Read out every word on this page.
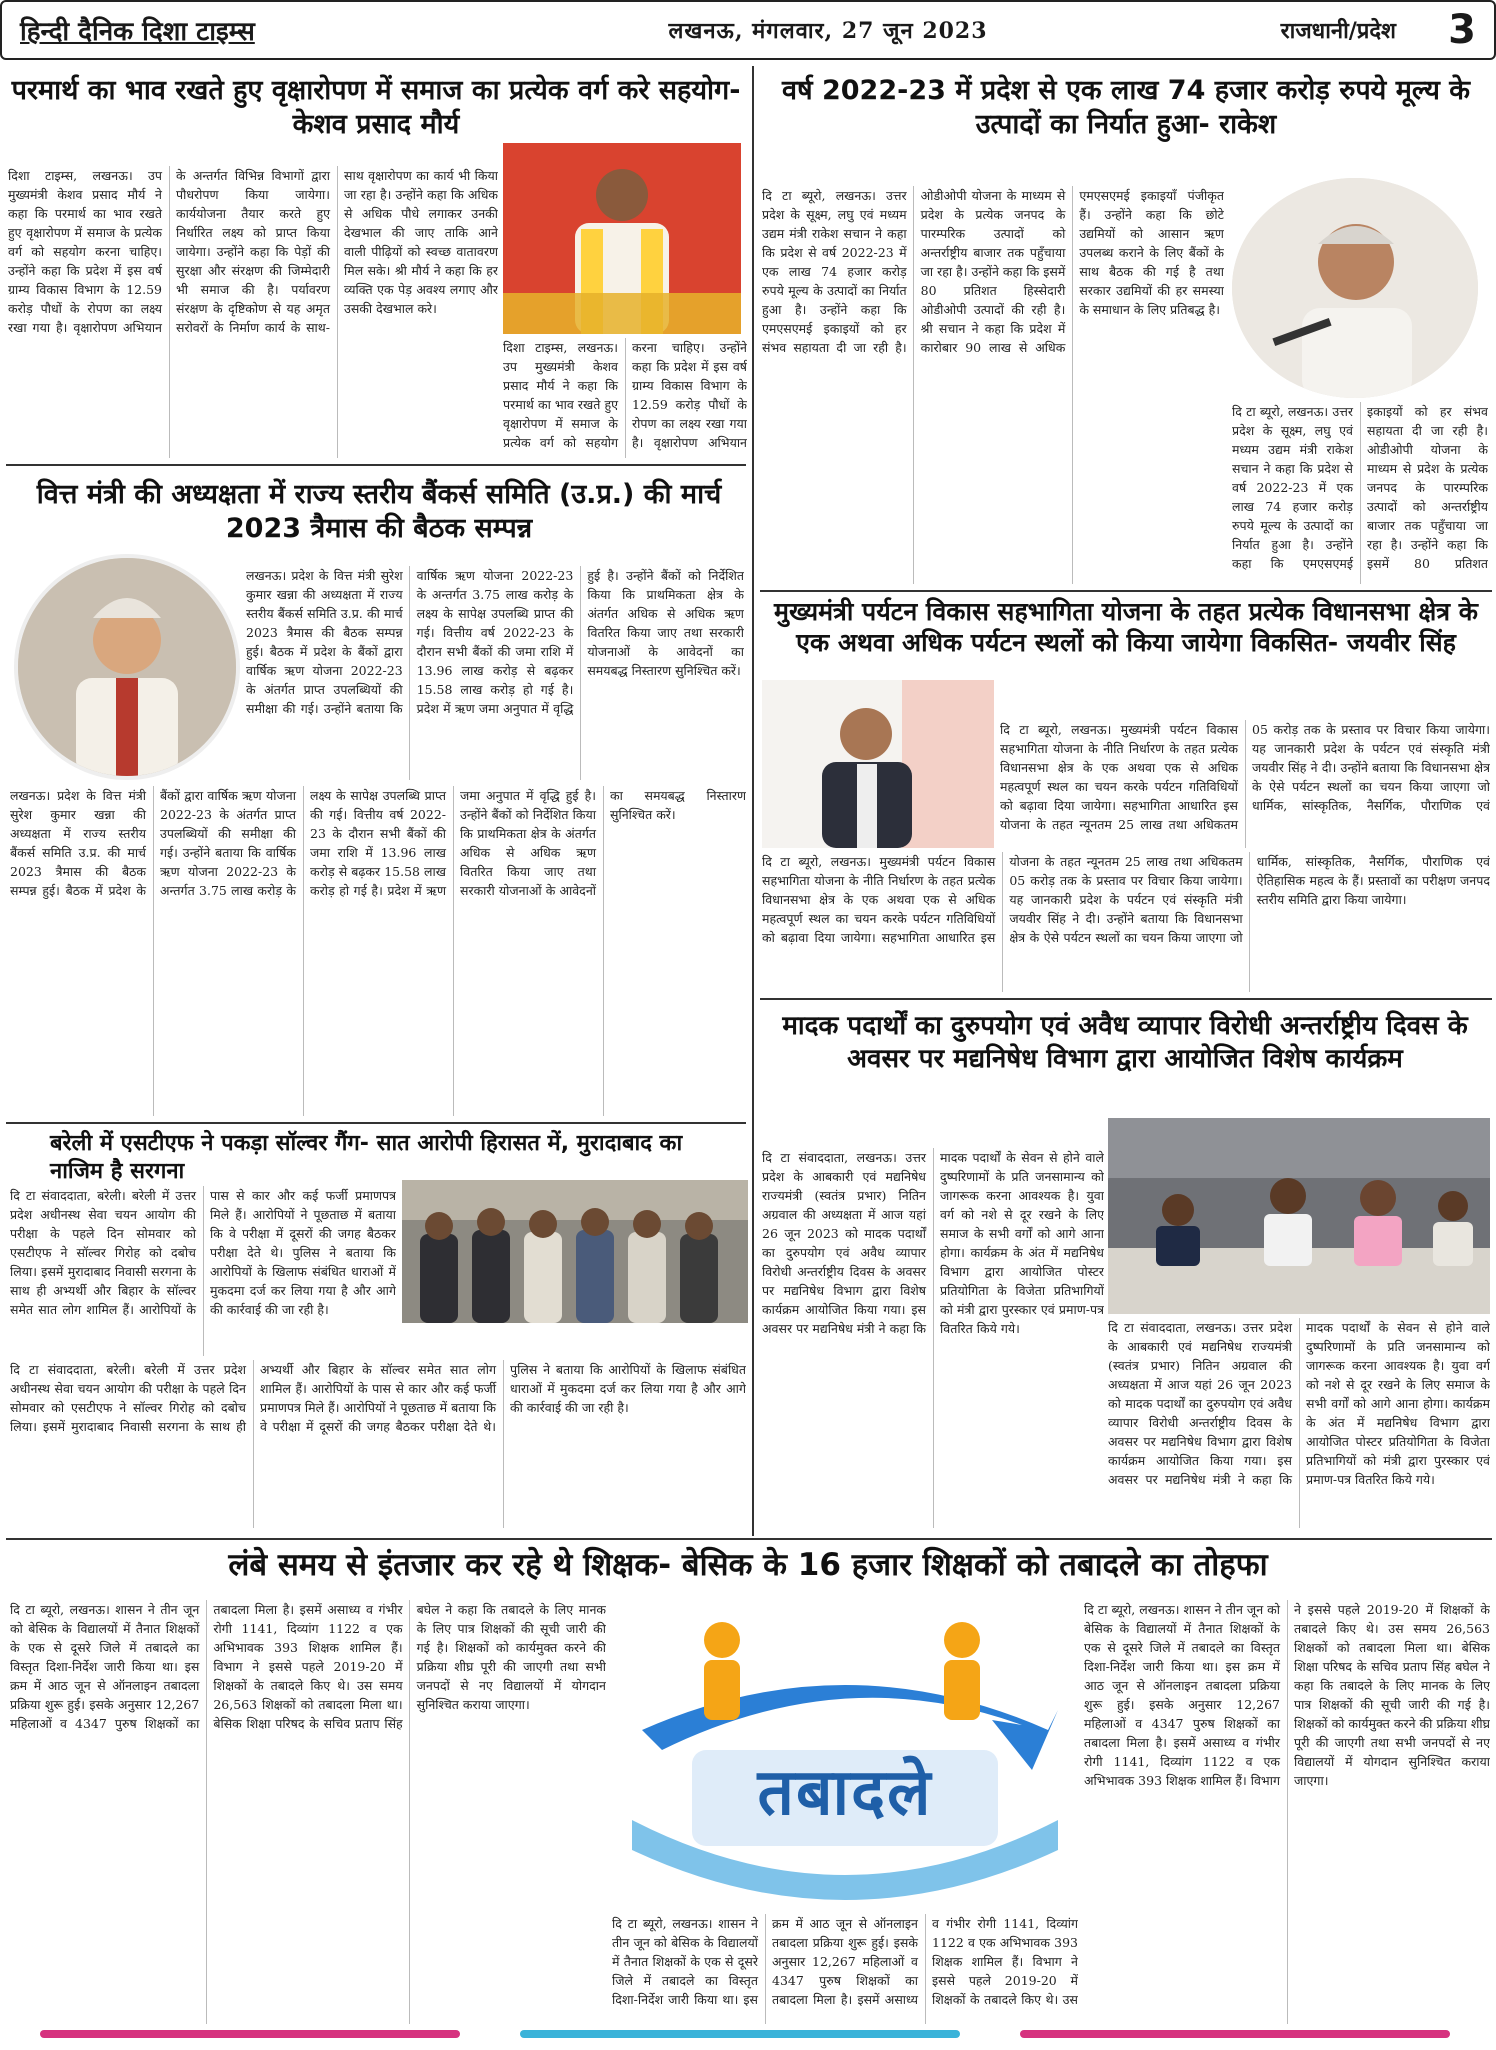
हिन्दी दैनिक दिशा टाइम्स	लखनऊ, मंगलवार, 27 जून 2023	राजधानी/प्रदेश	3
परमार्थ का भाव रखते हुए वृक्षारोपण में समाज का प्रत्येक वर्ग करे सहयोग- केशव प्रसाद मौर्य
दिशा टाइम्स, लखनऊ। उप मुख्यमंत्री केशव प्रसाद मौर्य ने कहा कि परमार्थ का भाव रखते हुए वृक्षारोपण में समाज के प्रत्येक वर्ग को सहयोग करना चाहिए। उन्होंने कहा कि प्रदेश में इस वर्ष ग्राम्य विकास विभाग के 12.59 करोड़ पौधों के रोपण का लक्ष्य रखा गया है। वृक्षारोपण अभियान के अन्तर्गत विभिन्न विभागों द्वारा पौधरोपण किया जायेगा। कार्ययोजना तैयार करते हुए निर्धारित लक्ष्य को प्राप्त किया जायेगा। उन्होंने कहा कि पेड़ों की सुरक्षा और संरक्षण की जिम्मेदारी भी समाज की है। पर्यावरण संरक्षण के दृष्टिकोण से यह अमृत सरोवरों के निर्माण कार्य के साथ-साथ वृक्षारोपण का कार्य भी किया जा रहा है। उन्होंने कहा कि अधिक से अधिक पौधे लगाकर उनकी देखभाल की जाए ताकि आने वाली पीढ़ियों को स्वच्छ वातावरण मिल सके। श्री मौर्य ने कहा कि हर व्यक्ति एक पेड़ अवश्य लगाए और उसकी देखभाल करे।
दिशा टाइम्स, लखनऊ। उप मुख्यमंत्री केशव प्रसाद मौर्य ने कहा कि परमार्थ का भाव रखते हुए वृक्षारोपण में समाज के प्रत्येक वर्ग को सहयोग करना चाहिए। उन्होंने कहा कि प्रदेश में इस वर्ष ग्राम्य विकास विभाग के 12.59 करोड़ पौधों के रोपण का लक्ष्य रखा गया है। वृक्षारोपण अभियान
वित्त मंत्री की अध्यक्षता में राज्य स्तरीय बैंकर्स समिति (उ.प्र.) की मार्च 2023 त्रैमास की बैठक सम्पन्न
लखनऊ। प्रदेश के वित्त मंत्री सुरेश कुमार खन्ना की अध्यक्षता में राज्य स्तरीय बैंकर्स समिति उ.प्र. की मार्च 2023 त्रैमास की बैठक सम्पन्न हुई। बैठक में प्रदेश के बैंकों द्वारा वार्षिक ऋण योजना 2022-23 के अंतर्गत प्राप्त उपलब्धियों की समीक्षा की गई। उन्होंने बताया कि वार्षिक ऋण योजना 2022-23 के अन्तर्गत 3.75 लाख करोड़ के लक्ष्य के सापेक्ष उपलब्धि प्राप्त की गई। वित्तीय वर्ष 2022-23 के दौरान सभी बैंकों की जमा राशि में 13.96 लाख करोड़ से बढ़कर 15.58 लाख करोड़ हो गई है। प्रदेश में ऋण जमा अनुपात में वृद्धि हुई है। उन्होंने बैंकों को निर्देशित किया कि प्राथमिकता क्षेत्र के अंतर्गत अधिक से अधिक ऋण वितरित किया जाए तथा सरकारी योजनाओं के आवेदनों का समयबद्ध निस्तारण सुनिश्चित करें।
लखनऊ। प्रदेश के वित्त मंत्री सुरेश कुमार खन्ना की अध्यक्षता में राज्य स्तरीय बैंकर्स समिति उ.प्र. की मार्च 2023 त्रैमास की बैठक सम्पन्न हुई। बैठक में प्रदेश के बैंकों द्वारा वार्षिक ऋण योजना 2022-23 के अंतर्गत प्राप्त उपलब्धियों की समीक्षा की गई। उन्होंने बताया कि वार्षिक ऋण योजना 2022-23 के अन्तर्गत 3.75 लाख करोड़ के लक्ष्य के सापेक्ष उपलब्धि प्राप्त की गई। वित्तीय वर्ष 2022-23 के दौरान सभी बैंकों की जमा राशि में 13.96 लाख करोड़ से बढ़कर 15.58 लाख करोड़ हो गई है। प्रदेश में ऋण जमा अनुपात में वृद्धि हुई है। उन्होंने बैंकों को निर्देशित किया कि प्राथमिकता क्षेत्र के अंतर्गत अधिक से अधिक ऋण वितरित किया जाए तथा सरकारी योजनाओं के आवेदनों का समयबद्ध निस्तारण सुनिश्चित करें।
बरेली में एसटीएफ ने पकड़ा सॉल्वर गैंग- सात आरोपी हिरासत में, मुरादाबाद का नाजिम है सरगना
दि टा संवाददाता, बरेली। बरेली में उत्तर प्रदेश अधीनस्थ सेवा चयन आयोग की परीक्षा के पहले दिन सोमवार को एसटीएफ ने सॉल्वर गिरोह को दबोच लिया। इसमें मुरादाबाद निवासी सरगना के साथ ही अभ्यर्थी और बिहार के सॉल्वर समेत सात लोग शामिल हैं। आरोपियों के पास से कार और कई फर्जी प्रमाणपत्र मिले हैं। आरोपियों ने पूछताछ में बताया कि वे परीक्षा में दूसरों की जगह बैठकर परीक्षा देते थे। पुलिस ने बताया कि आरोपियों के खिलाफ संबंधित धाराओं में मुकदमा दर्ज कर लिया गया है और आगे की कार्रवाई की जा रही है।
दि टा संवाददाता, बरेली। बरेली में उत्तर प्रदेश अधीनस्थ सेवा चयन आयोग की परीक्षा के पहले दिन सोमवार को एसटीएफ ने सॉल्वर गिरोह को दबोच लिया। इसमें मुरादाबाद निवासी सरगना के साथ ही अभ्यर्थी और बिहार के सॉल्वर समेत सात लोग शामिल हैं। आरोपियों के पास से कार और कई फर्जी प्रमाणपत्र मिले हैं। आरोपियों ने पूछताछ में बताया कि वे परीक्षा में दूसरों की जगह बैठकर परीक्षा देते थे। पुलिस ने बताया कि आरोपियों के खिलाफ संबंधित धाराओं में मुकदमा दर्ज कर लिया गया है और आगे की कार्रवाई की जा रही है।
वर्ष 2022-23 में प्रदेश से एक लाख 74 हजार करोड़ रुपये मूल्य के उत्पादों का निर्यात हुआ- राकेश
दि टा ब्यूरो, लखनऊ। उत्तर प्रदेश के सूक्ष्म, लघु एवं मध्यम उद्यम मंत्री राकेश सचान ने कहा कि प्रदेश से वर्ष 2022-23 में एक लाख 74 हजार करोड़ रुपये मूल्य के उत्पादों का निर्यात हुआ है। उन्होंने कहा कि एमएसएमई इकाइयों को हर संभव सहायता दी जा रही है। ओडीओपी योजना के माध्यम से प्रदेश के प्रत्येक जनपद के पारम्परिक उत्पादों को अन्तर्राष्ट्रीय बाजार तक पहुँचाया जा रहा है। उन्होंने कहा कि इसमें 80 प्रतिशत हिस्सेदारी ओडीओपी उत्पादों की रही है। श्री सचान ने कहा कि प्रदेश में कारोबार 90 लाख से अधिक एमएसएमई इकाइयाँ पंजीकृत हैं। उन्होंने कहा कि छोटे उद्यमियों को आसान ऋण उपलब्ध कराने के लिए बैंकों के साथ बैठक की गई है तथा सरकार उद्यमियों की हर समस्या के समाधान के लिए प्रतिबद्ध है।
दि टा ब्यूरो, लखनऊ। उत्तर प्रदेश के सूक्ष्म, लघु एवं मध्यम उद्यम मंत्री राकेश सचान ने कहा कि प्रदेश से वर्ष 2022-23 में एक लाख 74 हजार करोड़ रुपये मूल्य के उत्पादों का निर्यात हुआ है। उन्होंने कहा कि एमएसएमई इकाइयों को हर संभव सहायता दी जा रही है। ओडीओपी योजना के माध्यम से प्रदेश के प्रत्येक जनपद के पारम्परिक उत्पादों को अन्तर्राष्ट्रीय बाजार तक पहुँचाया जा रहा है। उन्होंने कहा कि इसमें 80 प्रतिशत
मुख्यमंत्री पर्यटन विकास सहभागिता योजना के तहत प्रत्येक विधानसभा क्षेत्र के एक अथवा अधिक पर्यटन स्थलों को किया जायेगा विकसित- जयवीर सिंह
दि टा ब्यूरो, लखनऊ। मुख्यमंत्री पर्यटन विकास सहभागिता योजना के नीति निर्धारण के तहत प्रत्येक विधानसभा क्षेत्र के एक अथवा एक से अधिक महत्वपूर्ण स्थल का चयन करके पर्यटन गतिविधियों को बढ़ावा दिया जायेगा। सहभागिता आधारित इस योजना के तहत न्यूनतम 25 लाख तथा अधिकतम 05 करोड़ तक के प्रस्ताव पर विचार किया जायेगा। यह जानकारी प्रदेश के पर्यटन एवं संस्कृति मंत्री जयवीर सिंह ने दी। उन्होंने बताया कि विधानसभा क्षेत्र के ऐसे पर्यटन स्थलों का चयन किया जाएगा जो धार्मिक, सांस्कृतिक, नैसर्गिक, पौराणिक एवं
दि टा ब्यूरो, लखनऊ। मुख्यमंत्री पर्यटन विकास सहभागिता योजना के नीति निर्धारण के तहत प्रत्येक विधानसभा क्षेत्र के एक अथवा एक से अधिक महत्वपूर्ण स्थल का चयन करके पर्यटन गतिविधियों को बढ़ावा दिया जायेगा। सहभागिता आधारित इस योजना के तहत न्यूनतम 25 लाख तथा अधिकतम 05 करोड़ तक के प्रस्ताव पर विचार किया जायेगा। यह जानकारी प्रदेश के पर्यटन एवं संस्कृति मंत्री जयवीर सिंह ने दी। उन्होंने बताया कि विधानसभा क्षेत्र के ऐसे पर्यटन स्थलों का चयन किया जाएगा जो धार्मिक, सांस्कृतिक, नैसर्गिक, पौराणिक एवं ऐतिहासिक महत्व के हैं। प्रस्तावों का परीक्षण जनपद स्तरीय समिति द्वारा किया जायेगा।
मादक पदार्थों का दुरुपयोग एवं अवैध व्यापार विरोधी अन्तर्राष्ट्रीय दिवस के अवसर पर मद्यनिषेध विभाग द्वारा आयोजित विशेष कार्यक्रम
दि टा संवाददाता, लखनऊ। उत्तर प्रदेश के आबकारी एवं मद्यनिषेध राज्यमंत्री (स्वतंत्र प्रभार) नितिन अग्रवाल की अध्यक्षता में आज यहां 26 जून 2023 को मादक पदार्थों का दुरुपयोग एवं अवैध व्यापार विरोधी अन्तर्राष्ट्रीय दिवस के अवसर पर मद्यनिषेध विभाग द्वारा विशेष कार्यक्रम आयोजित किया गया। इस अवसर पर मद्यनिषेध मंत्री ने कहा कि मादक पदार्थों के सेवन से होने वाले दुष्परिणामों के प्रति जनसामान्य को जागरूक करना आवश्यक है। युवा वर्ग को नशे से दूर रखने के लिए समाज के सभी वर्गों को आगे आना होगा। कार्यक्रम के अंत में मद्यनिषेध विभाग द्वारा आयोजित पोस्टर प्रतियोगिता के विजेता प्रतिभागियों को मंत्री द्वारा पुरस्कार एवं प्रमाण-पत्र वितरित किये गये।	दि टा संवाददाता, लखनऊ। उत्तर प्रदेश के आबकारी एवं मद्यनिषेध राज्यमंत्री (स्वतंत्र प्रभार) नितिन अग्रवाल की अध्यक्षता में आज यहां 26 जून 2023 को मादक पदार्थों का दुरुपयोग एवं अवैध व्यापार विरोधी अन्तर्राष्ट्रीय दिवस के अवसर पर मद्यनिषेध विभाग द्वारा विशेष कार्यक्रम आयोजित किया गया। इस अवसर पर मद्यनिषेध मंत्री ने कहा कि मादक पदार्थों के सेवन से होने वाले दुष्परिणामों के प्रति जनसामान्य को जागरूक करना आवश्यक है। युवा वर्ग को नशे से दूर रखने के लिए समाज के सभी वर्गों को आगे आना होगा। कार्यक्रम के अंत में मद्यनिषेध विभाग द्वारा आयोजित पोस्टर प्रतियोगिता के विजेता प्रतिभागियों को मंत्री द्वारा पुरस्कार एवं प्रमाण-पत्र वितरित किये गये।
लंबे समय से इंतजार कर रहे थे शिक्षक- बेसिक के 16 हजार शिक्षकों को तबादले का तोहफा
दि टा ब्यूरो, लखनऊ। शासन ने तीन जून को बेसिक के विद्यालयों में तैनात शिक्षकों के एक से दूसरे जिले में तबादले का विस्तृत दिशा-निर्देश जारी किया था। इस क्रम में आठ जून से ऑनलाइन तबादला प्रक्रिया शुरू हुई। इसके अनुसार 12,267 महिलाओं व 4347 पुरुष शिक्षकों का तबादला मिला है। इसमें असाध्य व गंभीर रोगी 1141, दिव्यांग 1122 व एक अभिभावक 393 शिक्षक शामिल हैं। विभाग ने इससे पहले 2019-20 में शिक्षकों के तबादले किए थे। उस समय 26,563 शिक्षकों को तबादला मिला था। बेसिक शिक्षा परिषद के सचिव प्रताप सिंह बघेल ने कहा कि तबादले के लिए मानक के लिए पात्र शिक्षकों की सूची जारी की गई है। शिक्षकों को कार्यमुक्त करने की प्रक्रिया शीघ्र पूरी की जाएगी तथा सभी जनपदों से नए विद्यालयों में योगदान सुनिश्चित कराया जाएगा।
तबादले
दि टा ब्यूरो, लखनऊ। शासन ने तीन जून को बेसिक के विद्यालयों में तैनात शिक्षकों के एक से दूसरे जिले में तबादले का विस्तृत दिशा-निर्देश जारी किया था। इस क्रम में आठ जून से ऑनलाइन तबादला प्रक्रिया शुरू हुई। इसके अनुसार 12,267 महिलाओं व 4347 पुरुष शिक्षकों का तबादला मिला है। इसमें असाध्य व गंभीर रोगी 1141, दिव्यांग 1122 व एक अभिभावक 393 शिक्षक शामिल हैं। विभाग ने इससे पहले 2019-20 में शिक्षकों के तबादले किए थे। उस
दि टा ब्यूरो, लखनऊ। शासन ने तीन जून को बेसिक के विद्यालयों में तैनात शिक्षकों के एक से दूसरे जिले में तबादले का विस्तृत दिशा-निर्देश जारी किया था। इस क्रम में आठ जून से ऑनलाइन तबादला प्रक्रिया शुरू हुई। इसके अनुसार 12,267 महिलाओं व 4347 पुरुष शिक्षकों का तबादला मिला है। इसमें असाध्य व गंभीर रोगी 1141, दिव्यांग 1122 व एक अभिभावक 393 शिक्षक शामिल हैं। विभाग ने इससे पहले 2019-20 में शिक्षकों के तबादले किए थे। उस समय 26,563 शिक्षकों को तबादला मिला था। बेसिक शिक्षा परिषद के सचिव प्रताप सिंह बघेल ने कहा कि तबादले के लिए मानक के लिए पात्र शिक्षकों की सूची जारी की गई है। शिक्षकों को कार्यमुक्त करने की प्रक्रिया शीघ्र पूरी की जाएगी तथा सभी जनपदों से नए विद्यालयों में योगदान सुनिश्चित कराया जाएगा।
